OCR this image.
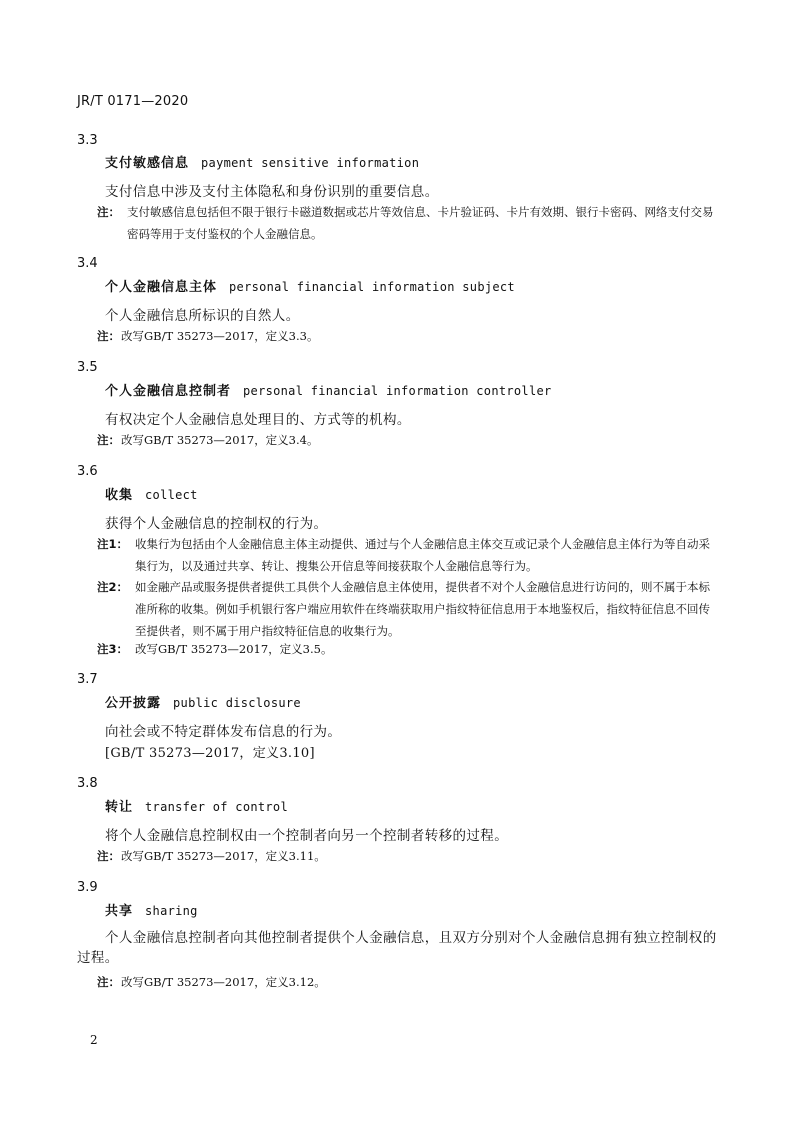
JR/T 0171—2020
3.3
支付敏感信息 payment sensitive information
支付信息中涉及支付主体隐私和身份识别的重要信息。
注： 支付敏感信息包括但不限于银行卡磁道数据或芯片等效信息、卡片验证码、卡片有效期、银行卡密码、网络支付交易密码等用于支付鉴权的个人金融信息。
3.4
个人金融信息主体 personal financial information subject
个人金融信息所标识的自然人。
注： 改写GB/T 35273—2017，定义3.3。
3.5
个人金融信息控制者 personal financial information controller
有权决定个人金融信息处理目的、方式等的机构。
注： 改写GB/T 35273—2017，定义3.4。
3.6
收集 collect
获得个人金融信息的控制权的行为。
注1： 收集行为包括由个人金融信息主体主动提供、通过与个人金融信息主体交互或记录个人金融信息主体行为等自动采集行为，以及通过共享、转让、搜集公开信息等间接获取个人金融信息等行为。
注2： 如金融产品或服务提供者提供工具供个人金融信息主体使用，提供者不对个人金融信息进行访问的，则不属于本标准所称的收集。例如手机银行客户端应用软件在终端获取用户指纹特征信息用于本地鉴权后，指纹特征信息不回传至提供者，则不属于用户指纹特征信息的收集行为。
注3： 改写GB/T 35273—2017，定义3.5。
3.7
公开披露 public disclosure
向社会或不特定群体发布信息的行为。
[GB/T 35273—2017，定义3.10]
3.8
转让 transfer of control
将个人金融信息控制权由一个控制者向另一个控制者转移的过程。
注： 改写GB/T 35273—2017，定义3.11。
3.9
共享 sharing
个人金融信息控制者向其他控制者提供个人金融信息，且双方分别对个人金融信息拥有独立控制权的过程。
注： 改写GB/T 35273—2017，定义3.12。
2
